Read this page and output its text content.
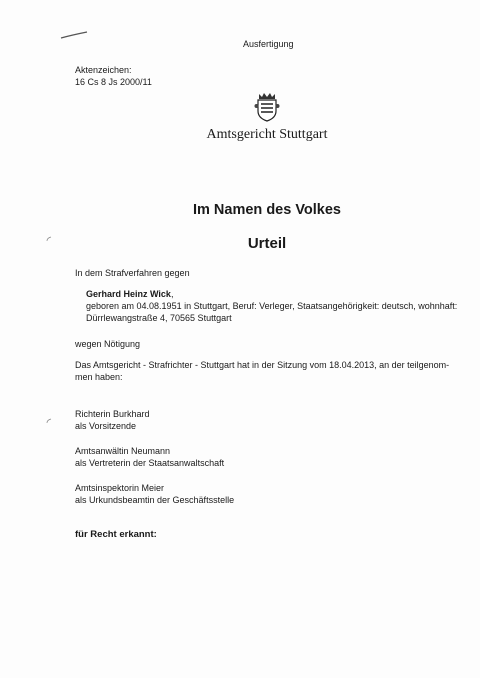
Ausfertigung
Aktenzeichen:
16 Cs 8 Js 2000/11
Amtsgericht Stuttgart
Im Namen des Volkes
Urteil
In dem Strafverfahren gegen
Gerhard Heinz Wick,
geboren am 04.08.1951 in Stuttgart, Beruf: Verleger, Staatsangehörigkeit: deutsch, wohnhaft:
Dürrlewangstraße 4, 70565 Stuttgart
wegen Nötigung
Das Amtsgericht - Strafrichter - Stuttgart hat in der Sitzung vom 18.04.2013, an der teilgenom-
men haben:
Richterin Burkhard
als Vorsitzende
Amtsanwältin Neumann
als Vertreterin der Staatsanwaltschaft
Amtsinspektorin Meier
als Urkundsbeamtin der Geschäftsstelle
für Recht erkannt:
